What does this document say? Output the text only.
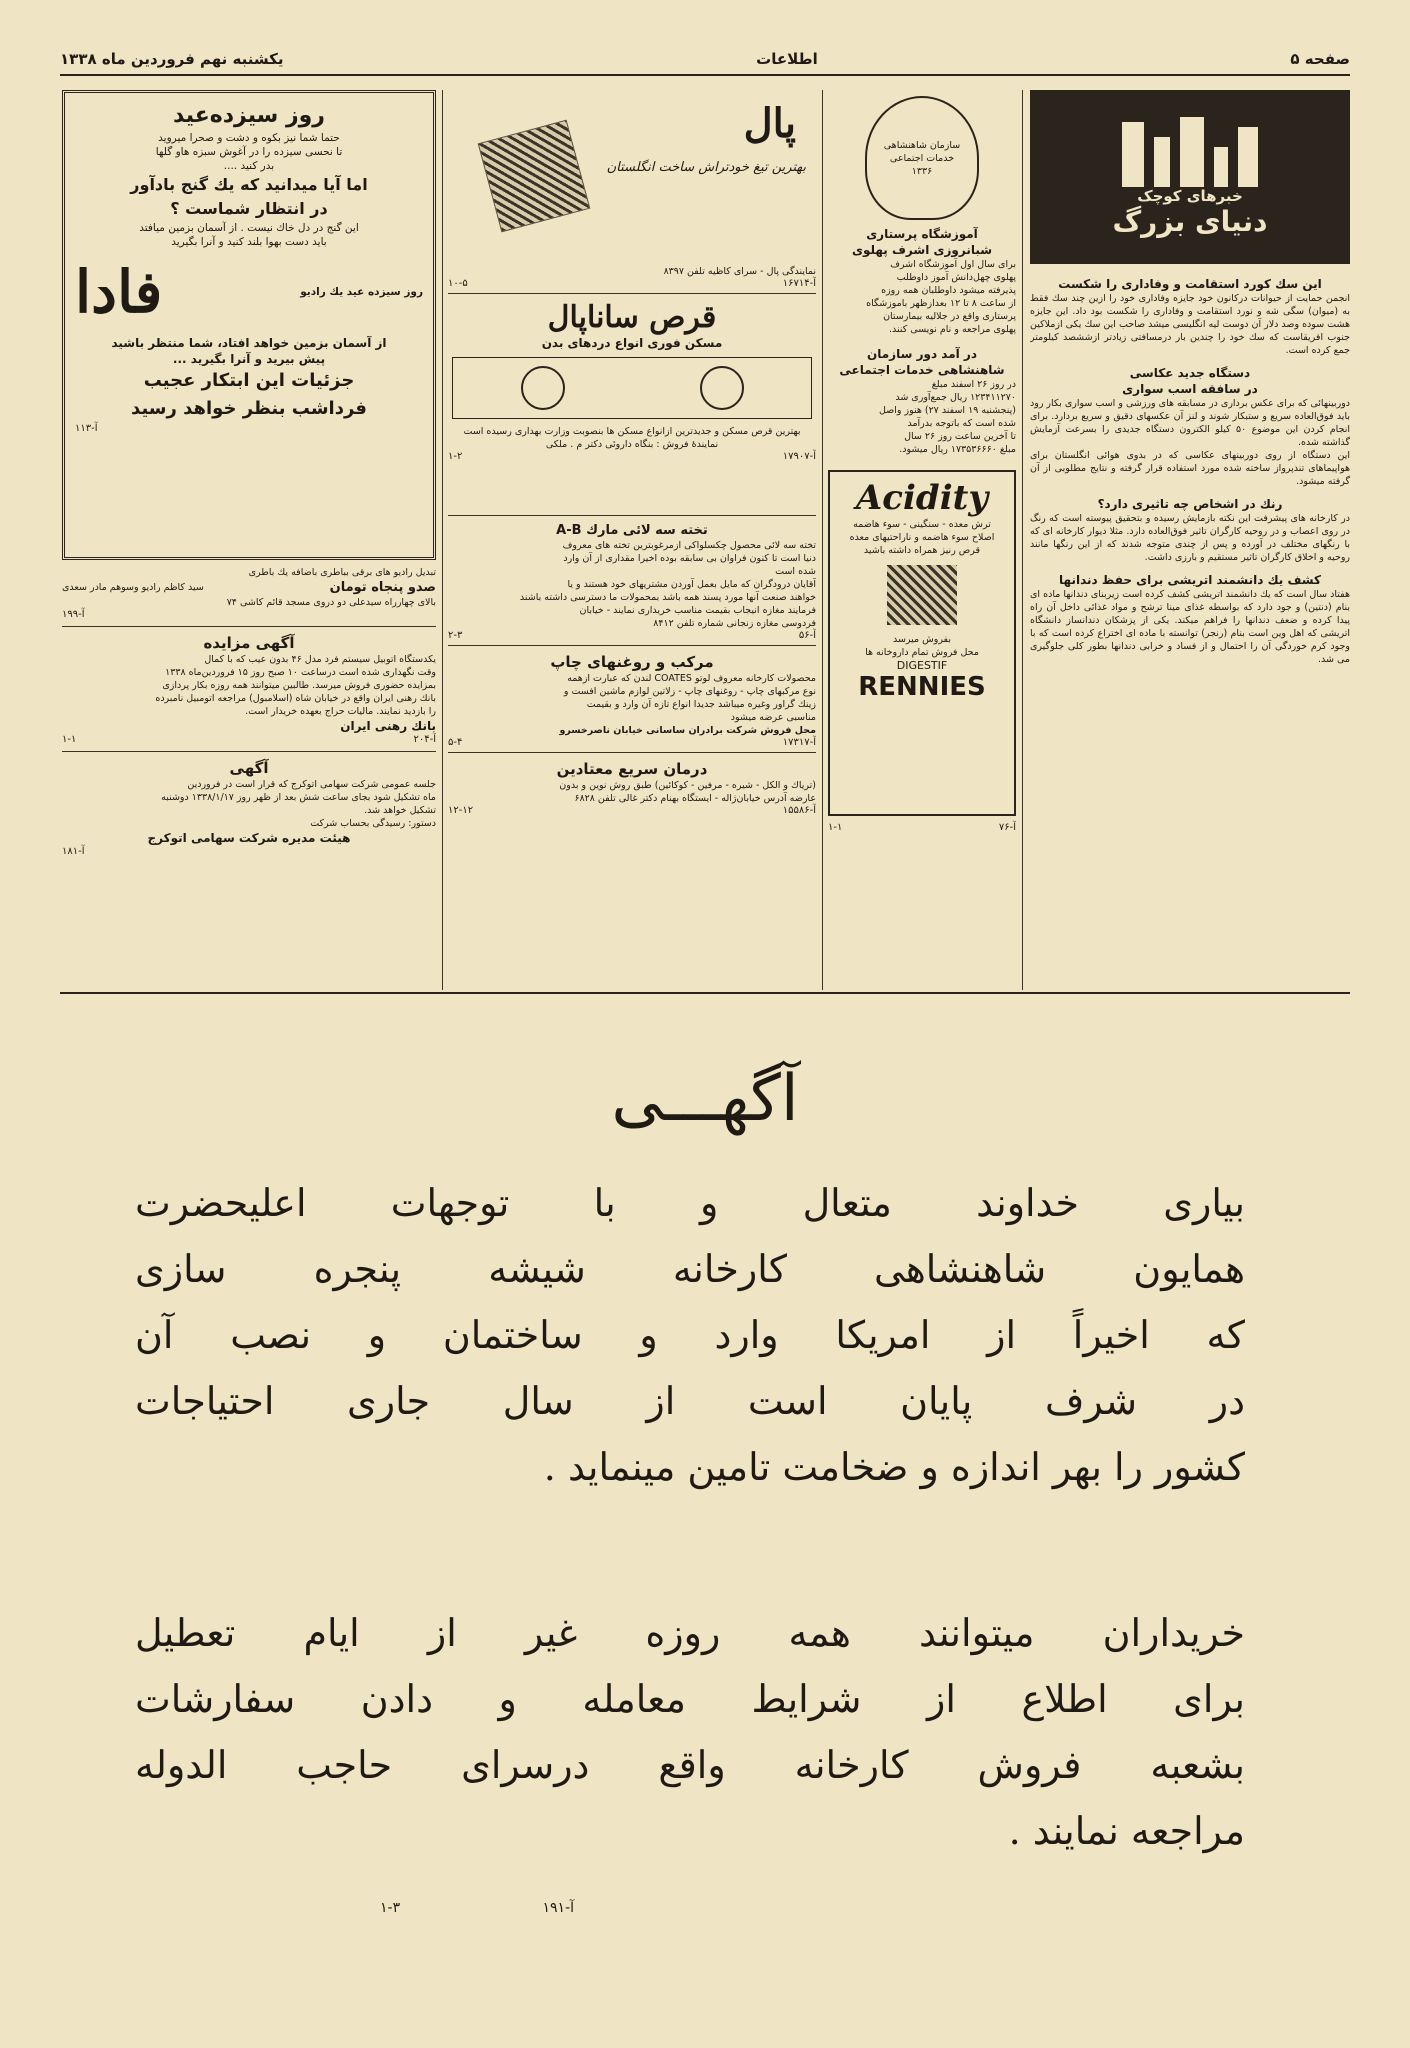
صفحه ۵
اطلاعات
یکشنبه نهم فروردین ماه ۱۳۳۸
خبرهای کوچک
دنیای بزرگ
این سك کورد استقامت و وفاداری را شکست

انجمن حمایت از حیوانات درکانون خود جایزه وفاداری خود را ازین چند سك فقط به (میوان) سگی شه و نورد استقامت و وفاداری را شکست بود داد. این جایزه هشت سوده وصد دلار آن دوست لیه انگلیسی میشد صاحب این سك یکی ازملاکین جنوب افریقاست که سك خود را چندین بار درمسافتی زیادتر ازششصد کیلومتر جمع کرده است.

دستگاه جدید عکاسی
در سافقه اسب سواری

دوربینهائی که برای عکس برداری در مسابقه های ورزشی و اسب سواری بکار رود باید فوق‌العاده سریع و ستبکار شوند و لنز آن عکسهای دقیق و سریع بردارد. برای انجام کردن این موضوع ۵۰ کیلو الکترون دستگاه جدیدی را بسرعت آزمایش گذاشته شده.

این دستگاه از روی دوربینهای عکاسی که در بدوی هوائی انگلستان برای هواپیماهای تندپرواز ساخته شده مورد استفاده قرار گرفته و نتایج مطلوبی از آن گرفته میشود.

رنك در اشخاص چه تاثیری دارد؟

در کارخانه های پیشرفت این نکته بازمایش رسیده و بتحقیق پیوسته است که رنگ در روی اعصاب و در روحیه کارگران تاثیر فوق‌العاده دارد. مثلا دیوار کارخانه ای که با رنگهای مختلف در آورده و پس از چندی متوجه شدند که از این رنگها مانند روحیه و اخلاق کارگران تاثیر مستقیم و بارزی داشت.

کشف یك دانشمند اتریشی برای حفظ دندانها

هفتاد سال است که یك دانشمند اتریشی کشف کرده است زیربنای دندانها ماده ای بنام (دنتین) و جود دارد که بواسطه غذای مینا ترشح و مواد غذائی داخل آن راه پیدا کرده و ضعف دندانها را فراهم میکند. یکی از پزشکان دندانساز دانشگاه اتریشی که اهل وین است بنام (رنجر) توانسته با ماده ای اختراع کرده است که با وجود کرم خوردگی آن را احتمال و از فساد و خرابی دندانها بطور کلی جلوگیری می شد.

سازمان شاهنشاهی خدمات اجتماعی ۱۳۳۶
آموزشگاه پرستاری
شبانروزی اشرف پهلوی

برای سال اول آموزشگاه اشرف

پهلوی چهل‌دانش آموز داوطلب

پذیرفته میشود داوطلبان همه روزه

از ساعت ۸ تا ۱۲ بعدازظهر باموزشگاه

پرستاری واقع در جلالیه بیمارستان

پهلوی مراجعه و نام نویسی کنند.

در آمد دور سازمان
شاهنشاهی خدمات اجتماعی

در روز ۲۶ اسفند مبلغ

۱۲۳۴۱۱۲۷۰ ریال جمع‌آوری شد

(پنجشنبه ۱۹ اسفند ۲۷) هنوز واصل

شده است که باتوجه بدرآمد

تا آخرین ساعت روز ۲۶ سال

مبلغ ۱۷۳۵۳۶۶۶۰ ریال میشود.

Acidity

ترش معده - سنگینی - سوء هاضمه

اصلاح سوء هاضمه و ناراحتیهای معده

قرص رنیز همراه داشته باشید

بفروش میرسد

محل فروش تمام داروخانه ها

DIGESTIF
RENNIES
۱-۱	آ-۷۶
پال
بهترین تیغ خودتراش ساخت انگلستان

نمایندگی پال - سرای کاظیه تلفن ۸۳۹۷

۱۰-۵	آ-۱۶۷۱۴
قرص ساناپال
مسکن فوری انواع دردهای بدن

بهترین قرص مسکن و جدیدترین ازانواع مسکن ها بنصوبت وزارت بهداری رسیده است

نمایندۀ فروش : بنگاه داروئی دکتر م . ملکی

۱-۲	آ-۱۷۹۰۷
تخته سه لائی مارك A-B

تخته سه لائی محصول چکسلواکی ازمرغوبترین تخته های معروف

دنیا است تا کنون فراوان بی سابقه بوده اخیرا مقداری از آن وارد

شده است

آقایان درودگران که مایل بعمل آوردن مشتریهای خود هستند و یا

خواهند صنعت آنها مورد پسند همه باشد بمحمولات ما دسترسی داشته باشند

فرمایند مغازه انیجاب بقیمت مناسب خریداری نمایند - خیابان

فردوسی مغازه زنجانی شماره تلفن ۸۴۱۲

۲-۳	آ-۵۶
مرکب و روغنهای چاپ

محصولات کارخانه معروف لوتو COATES لندن که عبارت ازهمه

نوع مرکبهای چاپ - روغنهای چاپ - زلاتین لوازم ماشین افست و

زینك گراور وغیره میباشد جدیدا انواع تازه آن وارد و بقیمت

مناسبی عرضه میشود

محل فروش شرکت برادران ساسانی خیابان ناصرخسرو

۵-۴	آ-۱۷۳۱۷
درمان سریع معتادین

(تریاك و الکل - شیره - مرفین - کوکائین) طبق روش نوین و بدون

عارضه آدرس خیابان‌ژاله - ایستگاه بهنام دکتر غالی تلفن ۶۸۲۸

۱۲-۱۲	آ-۱۵۵۸۶
روز سیزده‌عید

حتما شما نیز بکوه و دشت و صحرا میروید

تا نحسی سیزده را در آغوش سبزه هاو گلها

بدر کنید ....

اما آیا میدانید که یك گنج بادآور

در انتظار شماست ؟

این گنج در دل خاك نیست . از آسمان بزمین میافتد

باید دست بهوا بلند کنید و آنرا بگیرید

روز سیزده عید یك رادیو
فادا

از آسمان بزمین خواهد افتاد، شما منتظر باشید

پیش بیرید و آنرا بگیرید ...

جزئیات این ابتکار عجیب

فرداشب بنظر خواهد رسید

آ-۱۱۳

تبدیل رادیو های برقی بباطری باضافه یك باطری

صدو پنجاه تومان
سید کاظم رادیو وسوهم مادر سعدی

بالای چهارراه سیدعلی دو دروی مسجد قائم کاشی ۷۴

آ-۱۹۹
آگهی مزایده

یکدستگاه اتوبیل سیستم فرد مدل ۴۶ بدون عیب که با کمال

وقت نگهداری شده است درساعت ۱۰ صبح روز ۱۵ فروردین‌ماه ۱۳۳۸

بمزایده حضوری فروش میرسد. طالبین میتوانند همه روزه بکار پردازی

بانك رهنی ایران واقع در خیابان شاه (اسلامبول) مراجعه اتومبیل نامبرده

را بازدید نمایند. مالیات حراج بعهده خریدار است.

بانك رهنی ایران

۱-۱	آ-۲۰۴
آگهی

جلسه عمومی شرکت سهامی اتوکرج که قرار است در فروردین

ماه تشکیل شود بجای ساعت شش بعد از ظهر روز ۱۳۳۸/۱/۱۷ دوشنبه

تشکیل خواهد شد.

دستور: رسیدگی بحساب شرکت

هیئت مدیره شرکت سهامی اتوکرج

آ-۱۸۱
آگهـــی
بیاری خداوند متعال و با توجهات اعلیحضرت
همایون شاهنشاهی کارخانه شیشه پنجره سازی
که اخیراً از امریکا وارد و ساختمان و نصب آن
در شرف پایان است از سال جاری احتیاجات
کشور را بهر اندازه و ضخامت تامین مینماید .
خریداران میتوانند همه روزه غیر از ایام تعطیل
برای اطلاع از شرایط معامله و دادن سفارشات
بشعبه فروش کارخانه واقع درسرای حاجب الدوله
مراجعه نمایند .
۱-۳	آ-۱۹۱
